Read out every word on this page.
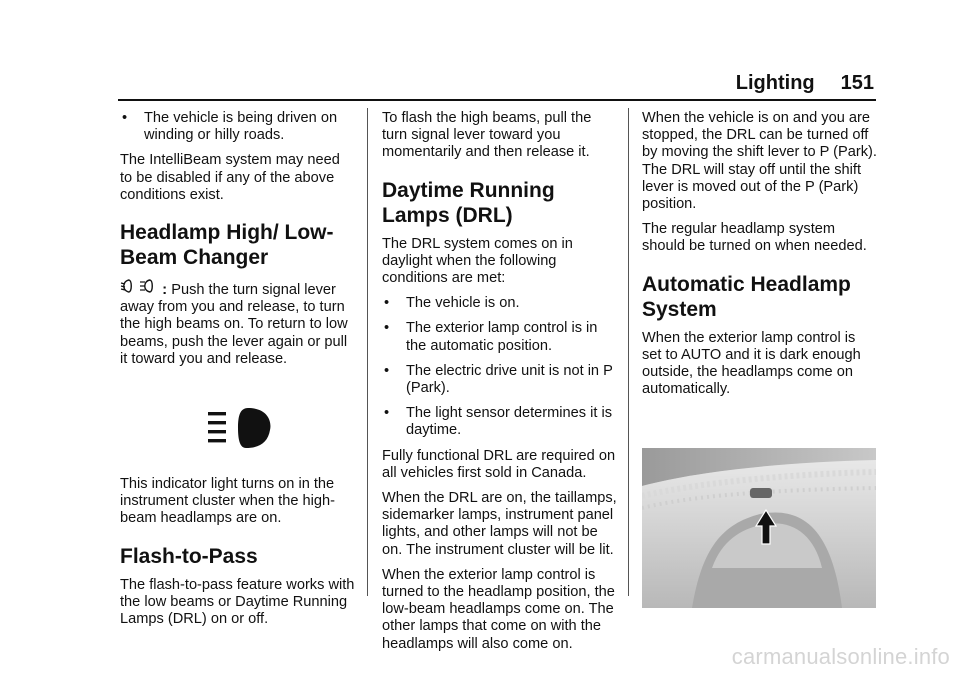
Lighting 151
•	The vehicle is being driven on winding or hilly roads.

The IntelliBeam system may need to be disabled if any of the above conditions exist.

Headlamp High/ Low-Beam Changer

: Push the turn signal lever away from you and release, to turn the high beams on. To return to low beams, push the lever again or pull it toward you and release.

This indicator light turns on in the instrument cluster when the high-beam headlamps are on.

Flash-to-Pass

The flash-to-pass feature works with the low beams or Daytime Running Lamps (DRL) on or off.

To flash the high beams, pull the turn signal lever toward you momentarily and then release it.

Daytime Running Lamps (DRL)

The DRL system comes on in daylight when the following conditions are met:

•	The vehicle is on.
•	The exterior lamp control is in the automatic position.
•	The electric drive unit is not in P (Park).
•	The light sensor determines it is daytime.

Fully functional DRL are required on all vehicles first sold in Canada.

When the DRL are on, the taillamps, sidemarker lamps, instrument panel lights, and other lamps will not be on. The instrument cluster will be lit.

When the exterior lamp control is turned to the headlamp position, the low-beam headlamps come on. The other lamps that come on with the headlamps will also come on.

When the vehicle is on and you are stopped, the DRL can be turned off by moving the shift lever to P (Park). The DRL will stay off until the shift lever is moved out of the P (Park) position.

The regular headlamp system should be turned on when needed.

Automatic Headlamp System

When the exterior lamp control is set to AUTO and it is dark enough outside, the headlamps come on automatically.

carmanualsonline.info
